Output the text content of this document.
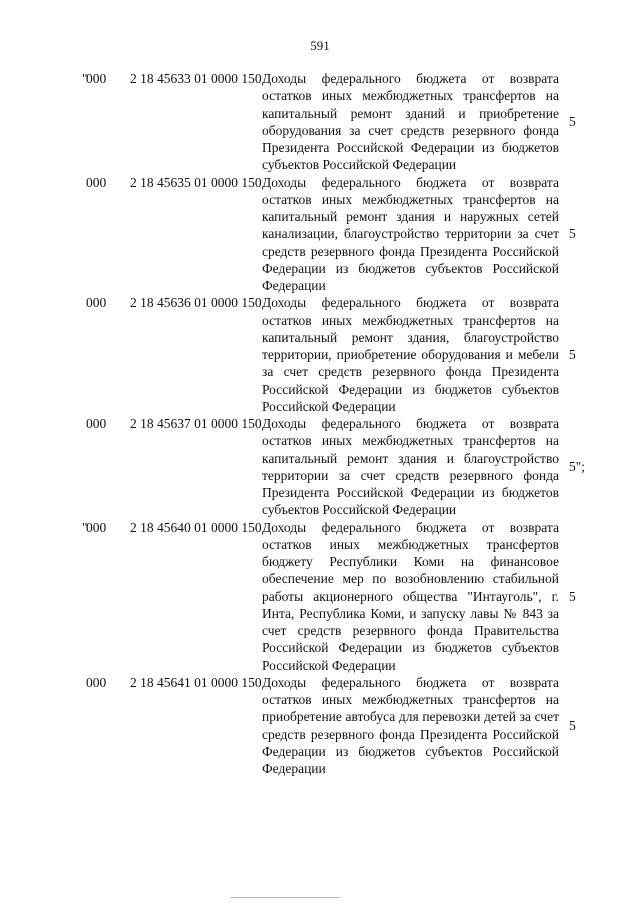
591
"
000	2 18 45633 01 0000 150 Доходы федерального бюджета от возврата остатков иных межбюджетных трансфертов на капитальный ремонт зданий и приобретение оборудования за счет средств резервного фонда Президента Российской Федерации из бюджетов субъектов Российской Федерации
5
000	2 18 45635 01 0000 150 Доходы федерального бюджета от возврата остатков иных межбюджетных трансфертов на капитальный ремонт здания и наружных сетей канализации, благоустройство территории за счет средств резервного фонда Президента Российской Федерации из бюджетов субъектов Российской Федерации
5
000	2 18 45636 01 0000 150 Доходы федерального бюджета от возврата остатков иных межбюджетных трансфертов на капитальный ремонт здания, благоустройство территории, приобретение оборудования и мебели за счет средств резервного фонда Президента Российской Федерации из бюджетов субъектов Российской Федерации
5
000	2 18 45637 01 0000 150 Доходы федерального бюджета от возврата остатков иных межбюджетных трансфертов на капитальный ремонт здания и благоустройство территории за счет средств резервного фонда Президента Российской Федерации из бюджетов субъектов Российской Федерации
5";
"
000	2 18 45640 01 0000 150 Доходы федерального бюджета от возврата остатков иных межбюджетных трансфертов бюджету Республики Коми на финансовое обеспечение мер по возобновлению стабильной работы акционерного общества "Интауголь", г. Инта, Республика Коми, и запуску лавы № 843 за счет средств резервного фонда Правительства Российской Федерации из бюджетов субъектов Российской Федерации
5
000	2 18 45641 01 0000 150 Доходы федерального бюджета от возврата остатков иных межбюджетных трансфертов на приобретение автобуса для перевозки детей за счет средств резервного фонда Президента Российской Федерации из бюджетов субъектов Российской Федерации
5
